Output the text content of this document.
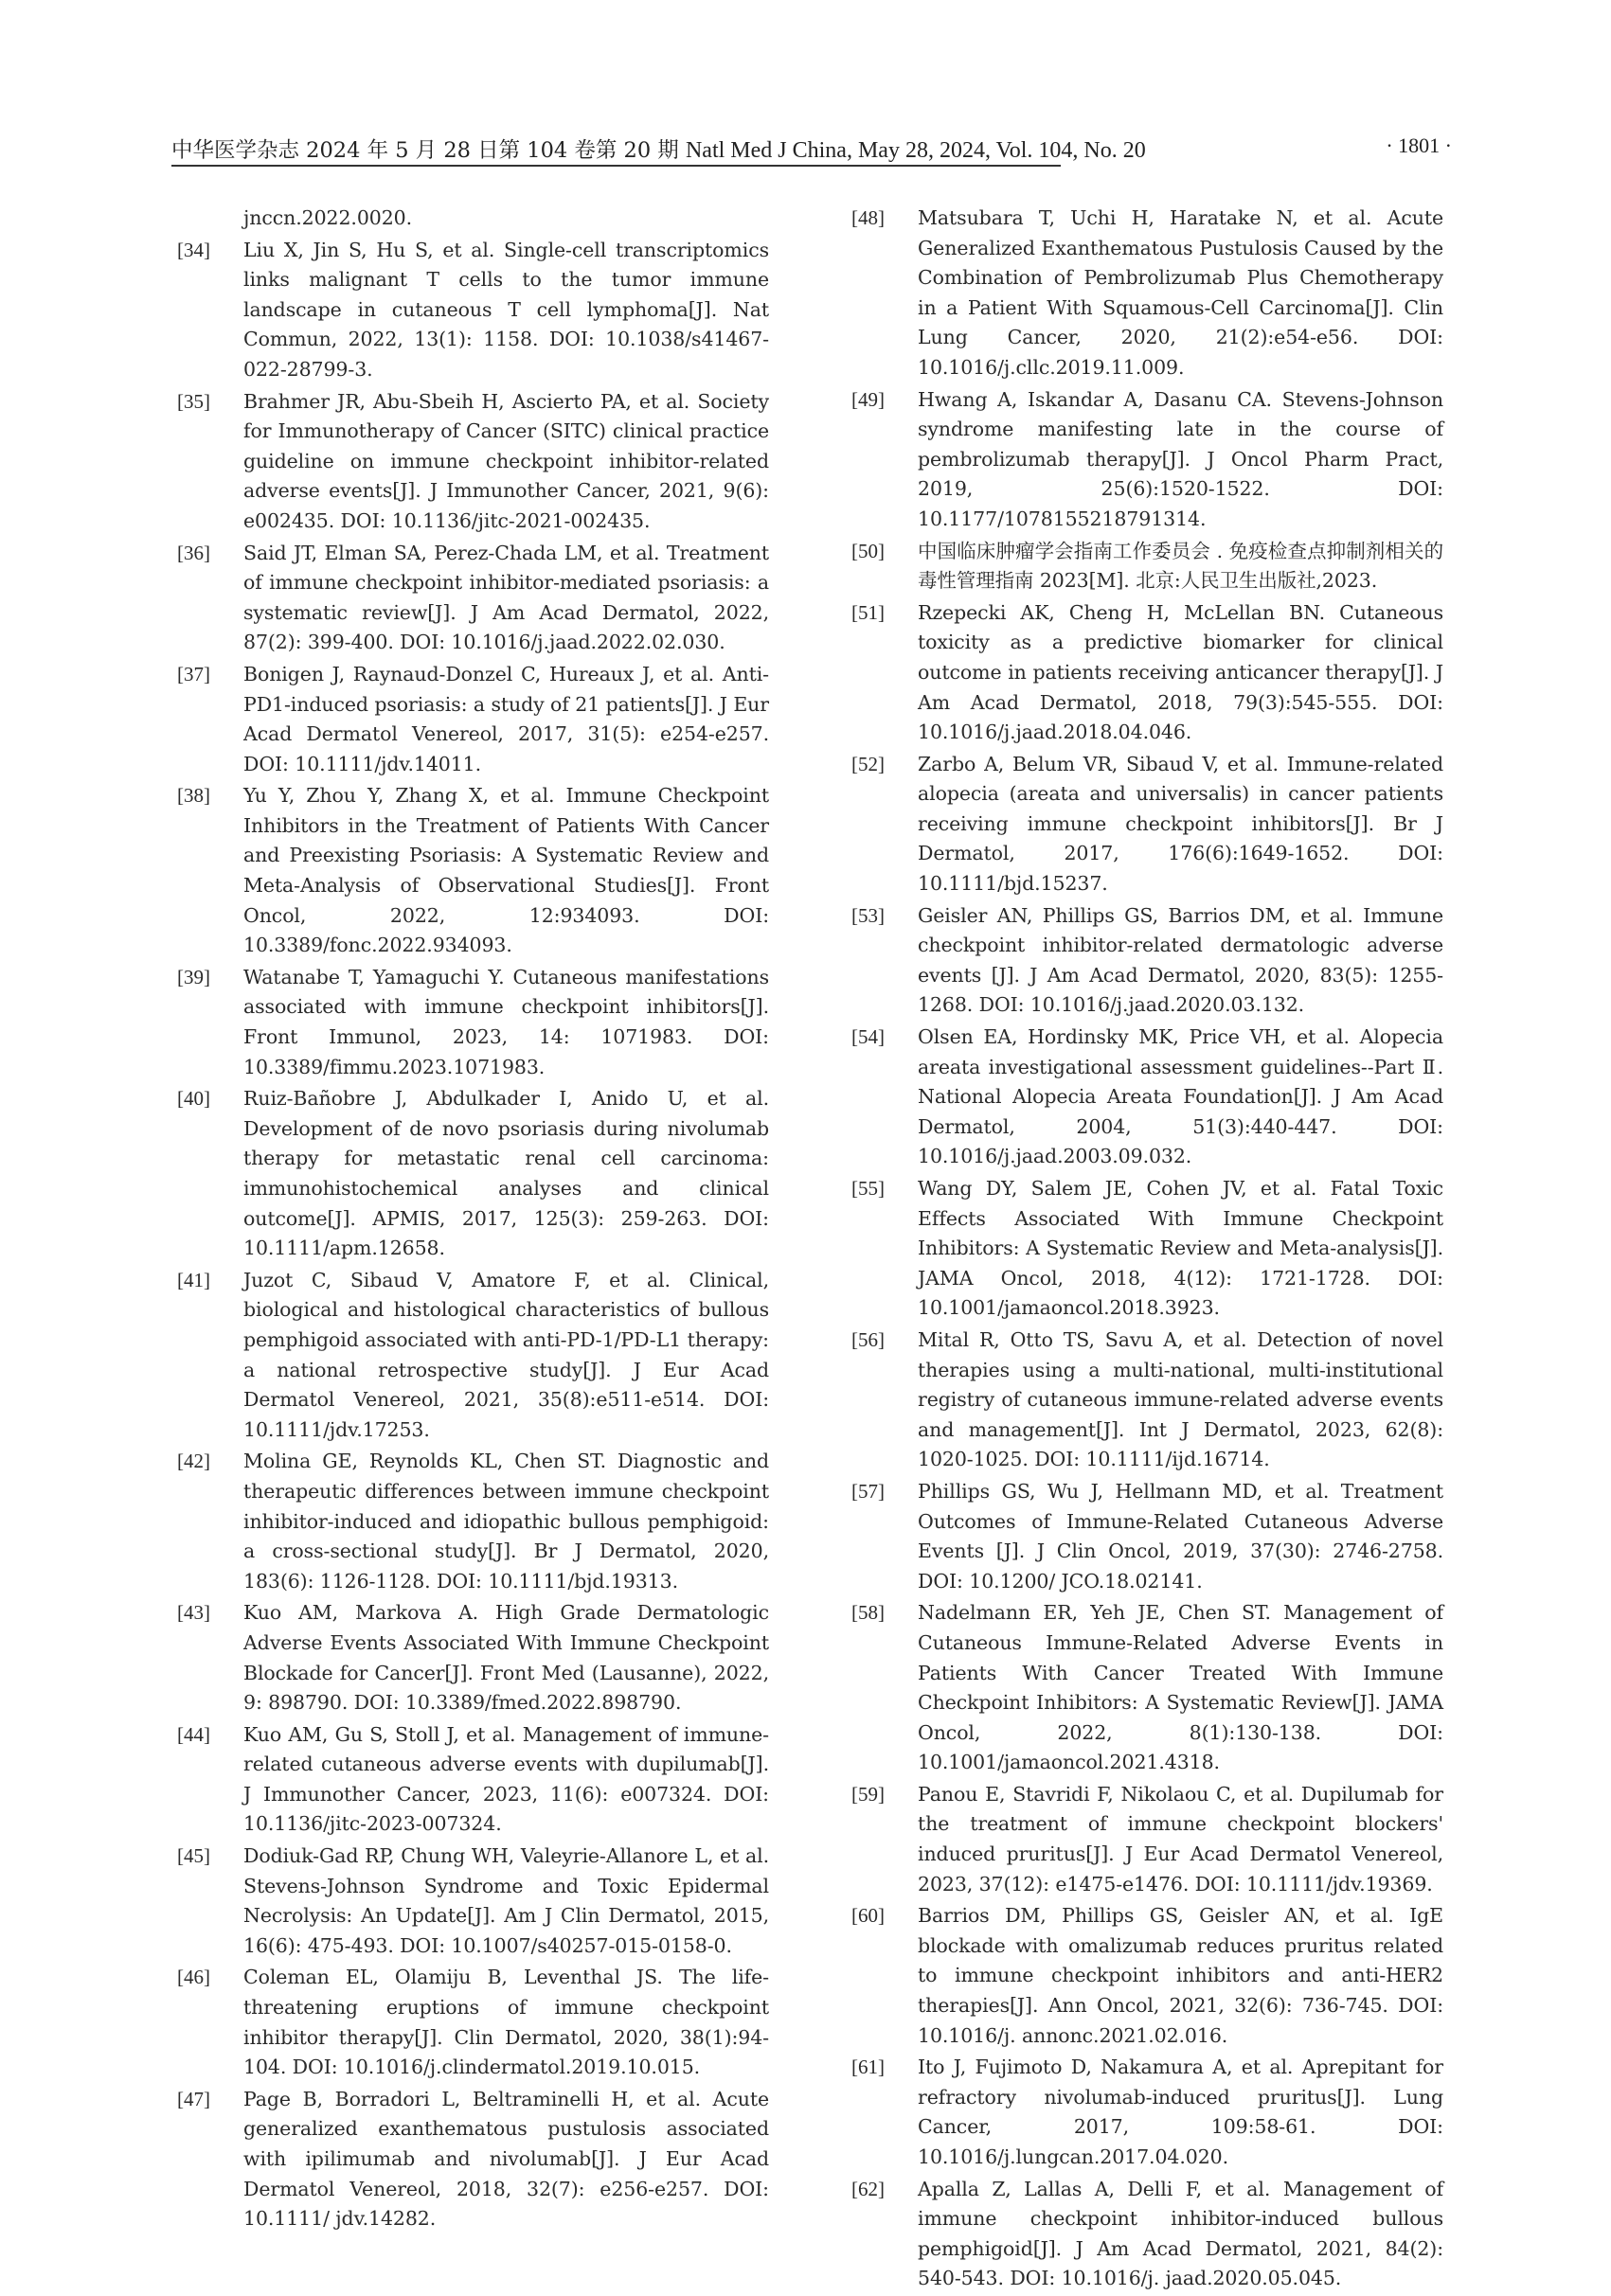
中华医学杂志 2024 年 5 月 28 日第 104 卷第 20 期 Natl Med J China, May 28, 2024, Vol. 104, No. 20	· 1801 ·
jnccn.2022.0020.
[34] Liu X, Jin S, Hu S, et al. Single-cell transcriptomics links malignant T cells to the tumor immune landscape in cutaneous T cell lymphoma[J]. Nat Commun, 2022, 13(1): 1158. DOI: 10.1038/s41467-022-28799-3.
[35] Brahmer JR, Abu-Sbeih H, Ascierto PA, et al. Society for Immunotherapy of Cancer (SITC) clinical practice guideline on immune checkpoint inhibitor-related adverse events[J]. J Immunother Cancer, 2021, 9(6): e002435. DOI: 10.1136/jitc-2021-002435.
[36] Said JT, Elman SA, Perez-Chada LM, et al. Treatment of immune checkpoint inhibitor-mediated psoriasis: a systematic review[J]. J Am Acad Dermatol, 2022, 87(2): 399-400. DOI: 10.1016/j.jaad.2022.02.030.
[37] Bonigen J, Raynaud-Donzel C, Hureaux J, et al. Anti-PD1-induced psoriasis: a study of 21 patients[J]. J Eur Acad Dermatol Venereol, 2017, 31(5): e254-e257. DOI: 10.1111/jdv.14011.
[38] Yu Y, Zhou Y, Zhang X, et al. Immune Checkpoint Inhibitors in the Treatment of Patients With Cancer and Preexisting Psoriasis: A Systematic Review and Meta-Analysis of Observational Studies[J]. Front Oncol, 2022, 12:934093. DOI: 10.3389/fonc.2022.934093.
[39] Watanabe T, Yamaguchi Y. Cutaneous manifestations associated with immune checkpoint inhibitors[J]. Front Immunol, 2023, 14: 1071983. DOI: 10.3389/fimmu.2023.1071983.
[40] Ruiz-Bañobre J, Abdulkader I, Anido U, et al. Development of de novo psoriasis during nivolumab therapy for metastatic renal cell carcinoma: immunohistochemical analyses and clinical outcome[J]. APMIS, 2017, 125(3): 259-263. DOI: 10.1111/apm.12658.
[41] Juzot C, Sibaud V, Amatore F, et al. Clinical, biological and histological characteristics of bullous pemphigoid associated with anti-PD-1/PD-L1 therapy: a national retrospective study[J]. J Eur Acad Dermatol Venereol, 2021, 35(8):e511-e514. DOI: 10.1111/jdv.17253.
[42] Molina GE, Reynolds KL, Chen ST. Diagnostic and therapeutic differences between immune checkpoint inhibitor-induced and idiopathic bullous pemphigoid: a cross-sectional study[J]. Br J Dermatol, 2020, 183(6): 1126-1128. DOI: 10.1111/bjd.19313.
[43] Kuo AM, Markova A. High Grade Dermatologic Adverse Events Associated With Immune Checkpoint Blockade for Cancer[J]. Front Med (Lausanne), 2022, 9: 898790. DOI: 10.3389/fmed.2022.898790.
[44] Kuo AM, Gu S, Stoll J, et al. Management of immune-related cutaneous adverse events with dupilumab[J]. J Immunother Cancer, 2023, 11(6): e007324. DOI: 10.1136/jitc-2023-007324.
[45] Dodiuk-Gad RP, Chung WH, Valeyrie-Allanore L, et al. Stevens-Johnson Syndrome and Toxic Epidermal Necrolysis: An Update[J]. Am J Clin Dermatol, 2015, 16(6): 475-493. DOI: 10.1007/s40257-015-0158-0.
[46] Coleman EL, Olamiju B, Leventhal JS. The life-threatening eruptions of immune checkpoint inhibitor therapy[J]. Clin Dermatol, 2020, 38(1):94-104. DOI: 10.1016/j.clindermatol.2019.10.015.
[47] Page B, Borradori L, Beltraminelli H, et al. Acute generalized exanthematous pustulosis associated with ipilimumab and nivolumab[J]. J Eur Acad Dermatol Venereol, 2018, 32(7): e256-e257. DOI: 10.1111/ jdv.14282.
[48] Matsubara T, Uchi H, Haratake N, et al. Acute Generalized Exanthematous Pustulosis Caused by the Combination of Pembrolizumab Plus Chemotherapy in a Patient With Squamous-Cell Carcinoma[J]. Clin Lung Cancer, 2020, 21(2):e54-e56. DOI: 10.1016/j.cllc.2019.11.009.
[49] Hwang A, Iskandar A, Dasanu CA. Stevens-Johnson syndrome manifesting late in the course of pembrolizumab therapy[J]. J Oncol Pharm Pract, 2019, 25(6):1520-1522. DOI: 10.1177/1078155218791314.
[50] 中国临床肿瘤学会指南工作委员会 . 免疫检查点抑制剂相关的毒性管理指南 2023[M]. 北京:人民卫生出版社,2023.
[51] Rzepecki AK, Cheng H, McLellan BN. Cutaneous toxicity as a predictive biomarker for clinical outcome in patients receiving anticancer therapy[J]. J Am Acad Dermatol, 2018, 79(3):545-555. DOI: 10.1016/j.jaad.2018.04.046.
[52] Zarbo A, Belum VR, Sibaud V, et al. Immune-related alopecia (areata and universalis) in cancer patients receiving immune checkpoint inhibitors[J]. Br J Dermatol, 2017, 176(6):1649-1652. DOI: 10.1111/bjd.15237.
[53] Geisler AN, Phillips GS, Barrios DM, et al. Immune checkpoint inhibitor-related dermatologic adverse events [J]. J Am Acad Dermatol, 2020, 83(5): 1255-1268. DOI: 10.1016/j.jaad.2020.03.132.
[54] Olsen EA, Hordinsky MK, Price VH, et al. Alopecia areata investigational assessment guidelines--Part Ⅱ. National Alopecia Areata Foundation[J]. J Am Acad Dermatol, 2004, 51(3):440-447. DOI: 10.1016/j.jaad.2003.09.032.
[55] Wang DY, Salem JE, Cohen JV, et al. Fatal Toxic Effects Associated With Immune Checkpoint Inhibitors: A Systematic Review and Meta-analysis[J]. JAMA Oncol, 2018, 4(12): 1721-1728. DOI: 10.1001/jamaoncol.2018.3923.
[56] Mital R, Otto TS, Savu A, et al. Detection of novel therapies using a multi-national, multi-institutional registry of cutaneous immune-related adverse events and management[J]. Int J Dermatol, 2023, 62(8): 1020-1025. DOI: 10.1111/ijd.16714.
[57] Phillips GS, Wu J, Hellmann MD, et al. Treatment Outcomes of Immune-Related Cutaneous Adverse Events [J]. J Clin Oncol, 2019, 37(30): 2746-2758. DOI: 10.1200/ JCO.18.02141.
[58] Nadelmann ER, Yeh JE, Chen ST. Management of Cutaneous Immune-Related Adverse Events in Patients With Cancer Treated With Immune Checkpoint Inhibitors: A Systematic Review[J]. JAMA Oncol, 2022, 8(1):130-138. DOI: 10.1001/jamaoncol.2021.4318.
[59] Panou E, Stavridi F, Nikolaou C, et al. Dupilumab for the treatment of immune checkpoint blockers' induced pruritus[J]. J Eur Acad Dermatol Venereol, 2023, 37(12): e1475-e1476. DOI: 10.1111/jdv.19369.
[60] Barrios DM, Phillips GS, Geisler AN, et al. IgE blockade with omalizumab reduces pruritus related to immune checkpoint inhibitors and anti-HER2 therapies[J]. Ann Oncol, 2021, 32(6): 736-745. DOI: 10.1016/j. annonc.2021.02.016.
[61] Ito J, Fujimoto D, Nakamura A, et al. Aprepitant for refractory nivolumab-induced pruritus[J]. Lung Cancer, 2017, 109:58-61. DOI: 10.1016/j.lungcan.2017.04.020.
[62] Apalla Z, Lallas A, Delli F, et al. Management of immune checkpoint inhibitor-induced bullous pemphigoid[J]. J Am Acad Dermatol, 2021, 84(2): 540-543. DOI: 10.1016/j. jaad.2020.05.045.
